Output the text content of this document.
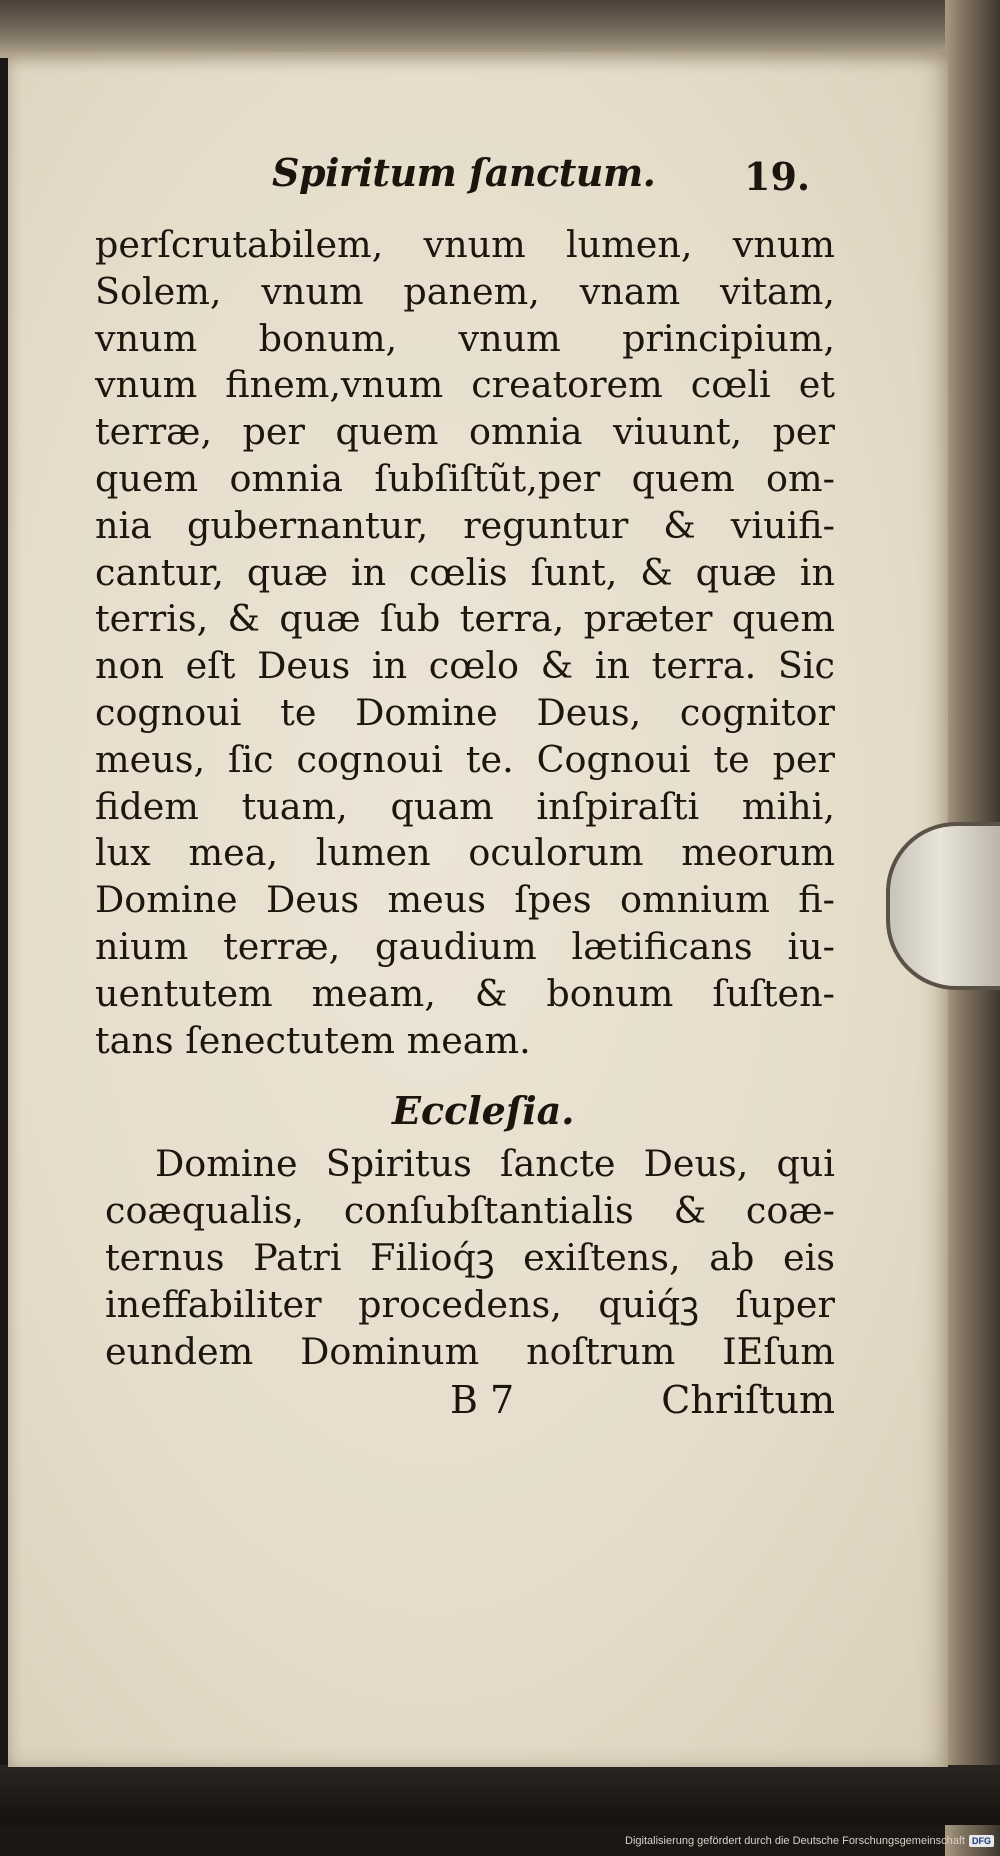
Spiritum ſanctum. 19.
perſcrutabilem, vnum lumen, vnum
Solem, vnum panem, vnam vitam,
vnum bonum, vnum principium,
vnum finem,vnum creatorem cœli et
terræ, per quem omnia viuunt, per
quem omnia ſubſiſtũt,per quem om-
nia gubernantur, reguntur & viuifi-
cantur, quæ in cœlis ſunt, & quæ in
terris, & quæ ſub terra, præter quem
non eſt Deus in cœlo & in terra. Sic
cognoui te Domine Deus, cognitor
meus, ſic cognoui te. Cognoui te per
fidem tuam, quam inſpiraſti mihi,
lux mea, lumen oculorum meorum
Domine Deus meus ſpes omnium fi-
nium terræ, gaudium lætificans iu-
uentutem meam, & bonum ſuſten-
tans ſenectutem meam.
Eccleſia.
Domine Spiritus ſancte Deus, qui
coæqualis, conſubſtantialis & coæ-
ternus Patri Filioq́ꝫ exiſtens, ab eis
ineffabiliter procedens, quiq́ꝫ ſuper
eundem Dominum noſtrum IEſum
B 7	Chriſtum
Digitalisierung gefördert durch die Deutsche Forschungsgemeinschaft DFG
